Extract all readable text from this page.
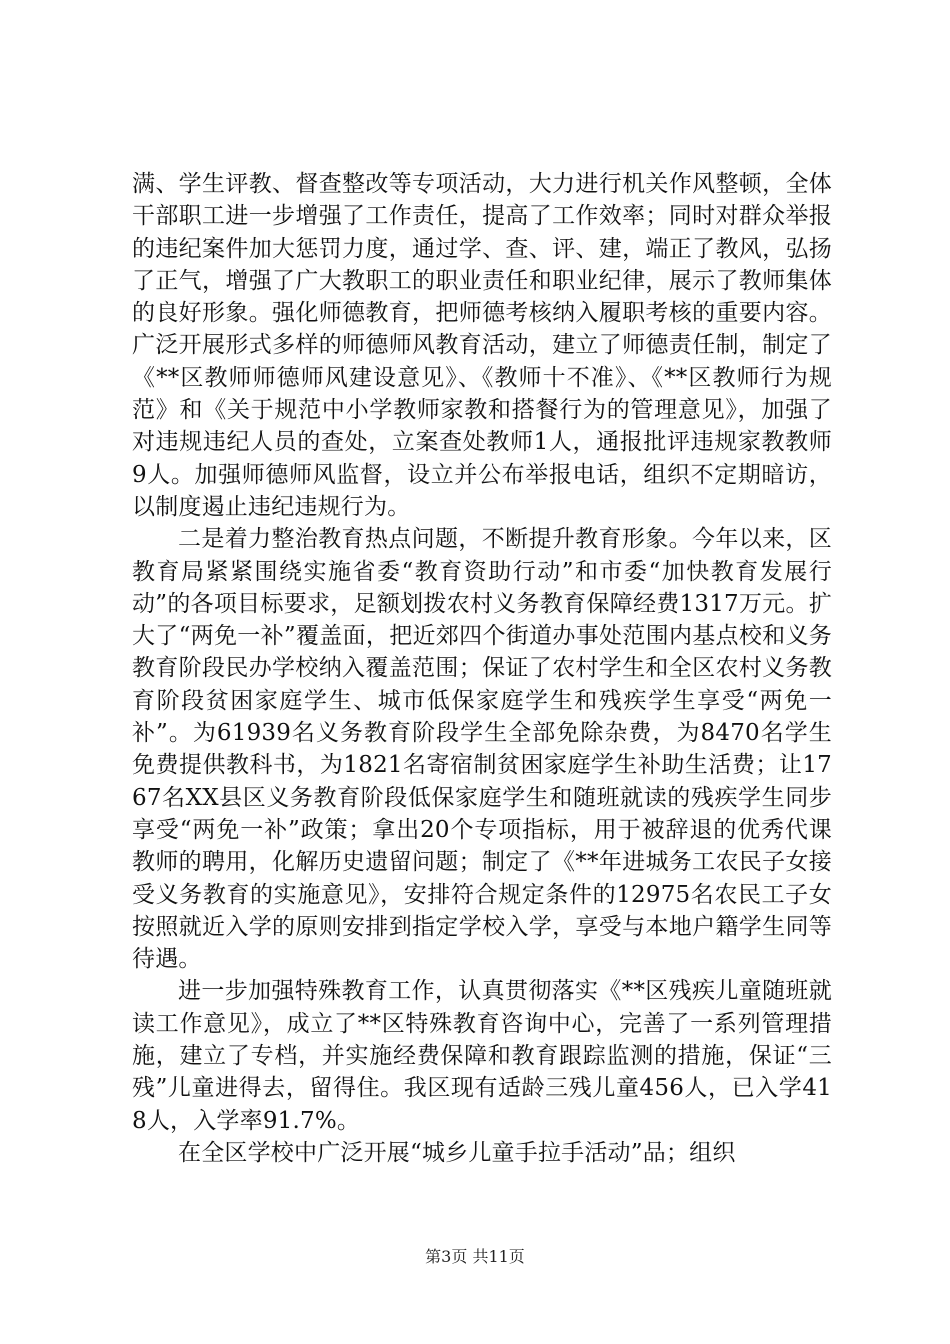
满、学生评教、督查整改等专项活动，大力进行机关作风整顿，全体干部职工进一步增强了工作责任，提高了工作效率；同时对群众举报的违纪案件加大惩罚力度，通过学、查、评、建，端正了教风，弘扬了正气，增强了广大教职工的职业责任和职业纪律，展示了教师集体的良好形象。强化师德教育，把师德考核纳入履职考核的重要内容。广泛开展形式多样的师德师风教育活动，建立了师德责任制，制定了《**区教师师德师风建设意见》、《教师十不准》、《**区教师行为规范》和《关于规范中小学教师家教和搭餐行为的管理意见》，加强了对违规违纪人员的查处，立案查处教师1人，通报批评违规家教教师9人。加强师德师风监督，设立并公布举报电话，组织不定期暗访，以制度遏止违纪违规行为。

二是着力整治教育热点问题，不断提升教育形象。今年以来，区教育局紧紧围绕实施省委“教育资助行动”和市委“加快教育发展行动”的各项目标要求，足额划拨农村义务教育保障经费1317万元。扩大了“两免一补”覆盖面，把近郊四个街道办事处范围内基点校和义务教育阶段民办学校纳入覆盖范围；保证了农村学生和全区农村义务教育阶段贫困家庭学生、城市低保家庭学生和残疾学生享受“两免一补”。为61939名义务教育阶段学生全部免除杂费，为8470名学生免费提供教科书，为1821名寄宿制贫困家庭学生补助生活费；让1767名XX县区义务教育阶段低保家庭学生和随班就读的残疾学生同步享受“两免一补”政策；拿出20个专项指标，用于被辞退的优秀代课教师的聘用，化解历史遗留问题；制定了《**年进城务工农民子女接受义务教育的实施意见》，安排符合规定条件的12975名农民工子女按照就近入学的原则安排到指定学校入学，享受与本地户籍学生同等待遇。

进一步加强特殊教育工作，认真贯彻落实《**区残疾儿童随班就读工作意见》，成立了**区特殊教育咨询中心，完善了一系列管理措施，建立了专档，并实施经费保障和教育跟踪监测的措施，保证“三残”儿童进得去，留得住。我区现有适龄三残儿童456人，已入学418人，入学率91.7%。

在全区学校中广泛开展“城乡儿童手拉手活动”品；组织

第3页 共11页
